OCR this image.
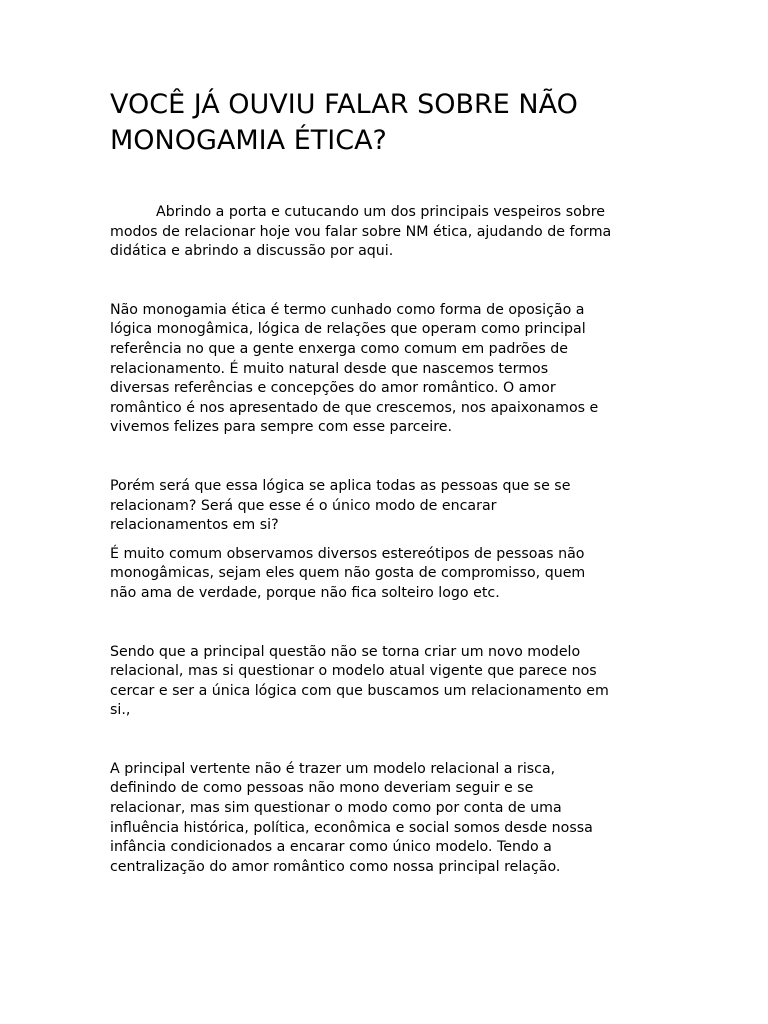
VOCÊ JÁ OUVIU FALAR SOBRE NÃO
MONOGAMIA ÉTICA?

Abrindo a porta e cutucando um dos principais vespeiros sobre
modos de relacionar hoje vou falar sobre NM ética, ajudando de forma
didática e abrindo a discussão por aqui.

Não monogamia ética é termo cunhado como forma de oposição a
lógica monogâmica, lógica de relações que operam como principal
referência no que a gente enxerga como comum em padrões de
relacionamento. É muito natural desde que nascemos termos
diversas referências e concepções do amor romântico. O amor
romântico é nos apresentado de que crescemos, nos apaixonamos e
vivemos felizes para sempre com esse parceire.

Porém será que essa lógica se aplica todas as pessoas que se se
relacionam? Será que esse é o único modo de encarar
relacionamentos em si?

É muito comum observamos diversos estereótipos de pessoas não
monogâmicas, sejam eles quem não gosta de compromisso, quem
não ama de verdade, porque não fica solteiro logo etc.

Sendo que a principal questão não se torna criar um novo modelo
relacional, mas si questionar o modelo atual vigente que parece nos
cercar e ser a única lógica com que buscamos um relacionamento em
si.,

A principal vertente não é trazer um modelo relacional a risca,
definindo de como pessoas não mono deveriam seguir e se
relacionar, mas sim questionar o modo como por conta de uma
influência histórica, política, econômica e social somos desde nossa
infância condicionados a encarar como único modelo. Tendo a
centralização do amor romântico como nossa principal relação.
